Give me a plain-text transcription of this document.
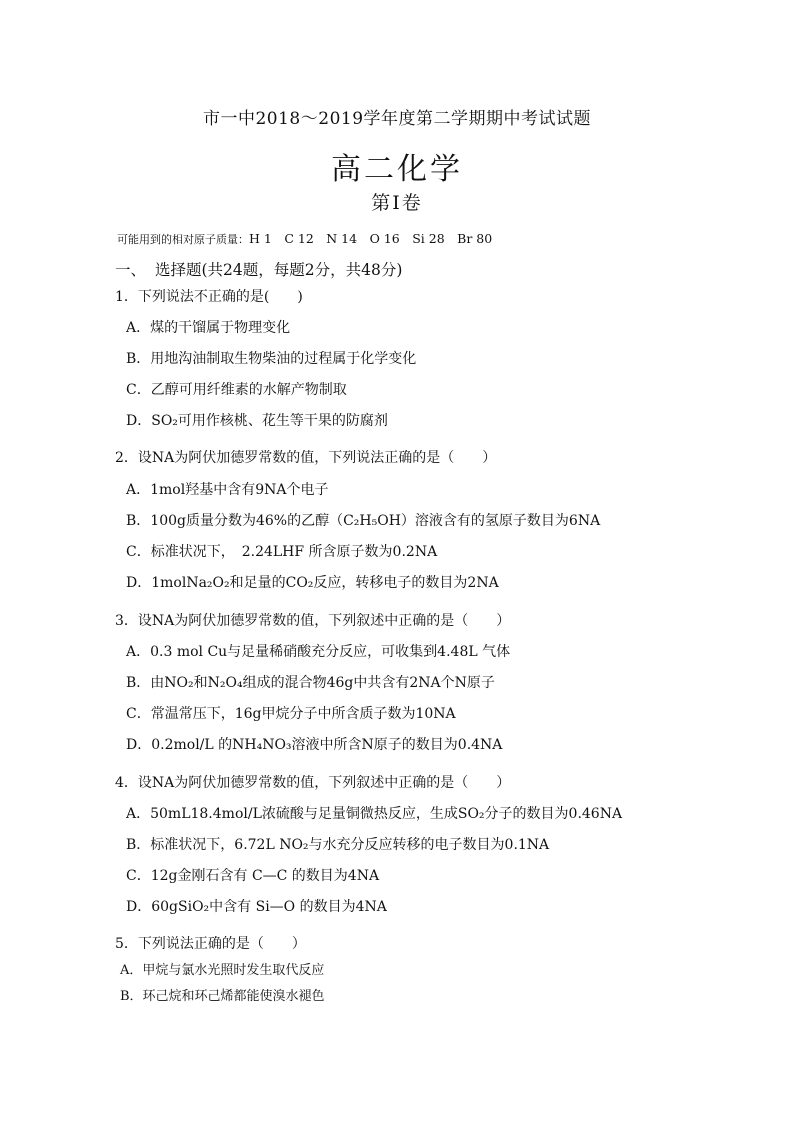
市一中2018～2019学年度第二学期期中考试试题
高二化学
第Ⅰ卷
可能用到的相对原子质量：H 1　C 12　N 14　O 16　Si 28　Br 80
一、 选择题(共24题，每题2分，共48分)
1．下列说法不正确的是(　　)
A．煤的干馏属于物理变化
B．用地沟油制取生物柴油的过程属于化学变化
C．乙醇可用纤维素的水解产物制取
D．SO₂可用作核桃、花生等干果的防腐剂
2．设NA为阿伏加德罗常数的值，下列说法正确的是（　　）
A．1mol羟基中含有9NA个电子
B．100g质量分数为46%的乙醇（C₂H₅OH）溶液含有的氢原子数目为6NA
C．标准状况下，　2.24LHF 所含原子数为0.2NA
D．1molNa₂O₂和足量的CO₂反应，转移电子的数目为2NA
3．设NA为阿伏加德罗常数的值，下列叙述中正确的是（　　）
A．0.3 mol Cu与足量稀硝酸充分反应，可收集到4.48L 气体
B．由NO₂和N₂O₄组成的混合物46g中共含有2NA个N原子
C．常温常压下，16g甲烷分子中所含质子数为10NA
D．0.2mol/L 的NH₄NO₃溶液中所含N原子的数目为0.4NA
4．设NA为阿伏加德罗常数的值，下列叙述中正确的是（　　）
A．50mL18.4mol/L浓硫酸与足量铜微热反应，生成SO₂分子的数目为0.46NA
B．标准状况下，6.72L NO₂与水充分反应转移的电子数目为0.1NA
C．12g金刚石含有 C—C 的数目为4NA
D．60gSiO₂中含有 Si—O 的数目为4NA
5．下列说法正确的是（　　）
A．甲烷与氯水光照时发生取代反应
B．环己烷和环己烯都能使溴水褪色
